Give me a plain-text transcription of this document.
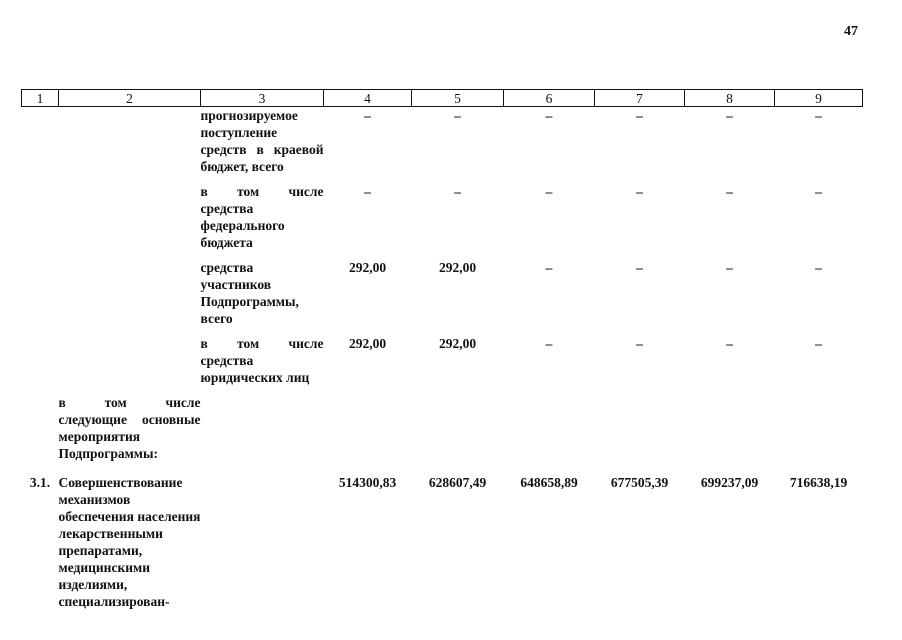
47
1	2	3	4	5	6	7	8	9
		прогнозируемое поступление средств в краевой бюджет, всего	–	–	–	–	–	–
		в том числе средства федерального бюджета	–	–	–	–	–	–
		средства участников Подпрограммы, всего	292,00	292,00	–	–	–	–
		в том числе средства юридических лиц	292,00	292,00	–	–	–	–
	в том числе следующие основные мероприятия Подпрограммы:							
3.1.	Совершенствование механизмов обеспечения населения лекарственными препаратами, медицинскими изделиями, специализирован-		514300,83	628607,49	648658,89	677505,39	699237,09	716638,19
